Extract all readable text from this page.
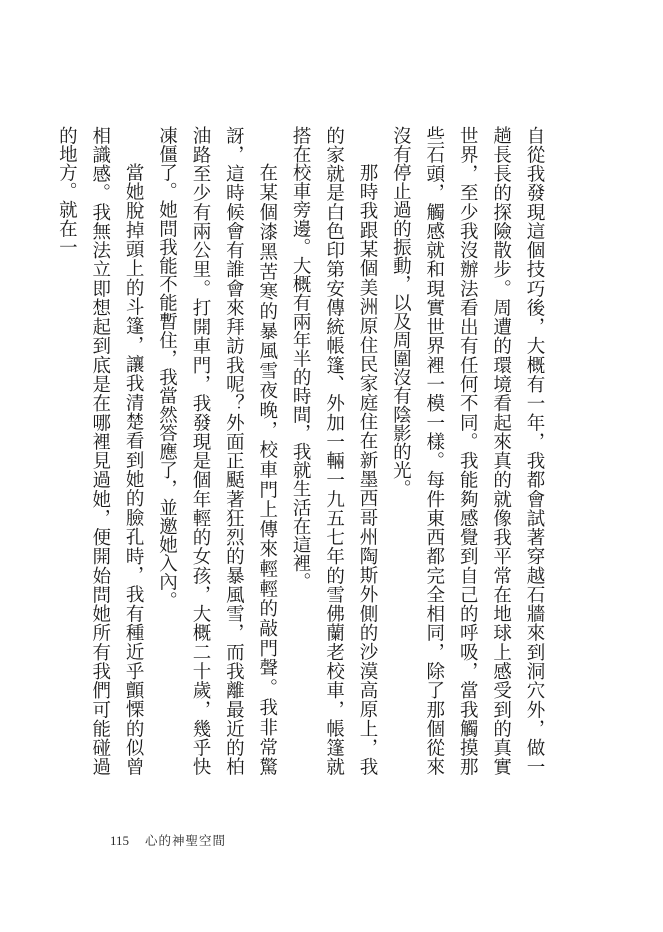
自從我發現這個技巧後，大概有一年，我都會試著穿越石牆來到洞穴外，做一趟長長的探險散步。周遭的環境看起來真的就像我平常在地球上感受到的真實世界，至少我沒辦法看出有任何不同。我能夠感覺到自己的呼吸，當我觸摸那些石頭，觸感就和現實世界裡一模一樣。每件東西都完全相同，除了那個從來沒有停止過的振動，以及周圍沒有陰影的光。

那時我跟某個美洲原住民家庭住在新墨西哥州陶斯外側的沙漠高原上，我的家就是白色印第安傳統帳篷、外加一輛一九五七年的雪佛蘭老校車，帳篷就搭在校車旁邊。大概有兩年半的時間，我就生活在這裡。

在某個漆黑苦寒的暴風雪夜晚，校車門上傳來輕輕的敲門聲。我非常驚訝，這時候會有誰會來拜訪我呢？外面正颳著狂烈的暴風雪，而我離最近的柏油路至少有兩公里。打開車門，我發現是個年輕的女孩，大概二十歲，幾乎快凍僵了。她問我能不能暫住，我當然答應了，並邀她入內。

當她脫掉頭上的斗篷，讓我清楚看到她的臉孔時，我有種近乎顫慄的似曾相識感。我無法立即想起到底是在哪裡見過她，便開始問她所有我們可能碰過的地方。就在一

115 心的神聖空間
